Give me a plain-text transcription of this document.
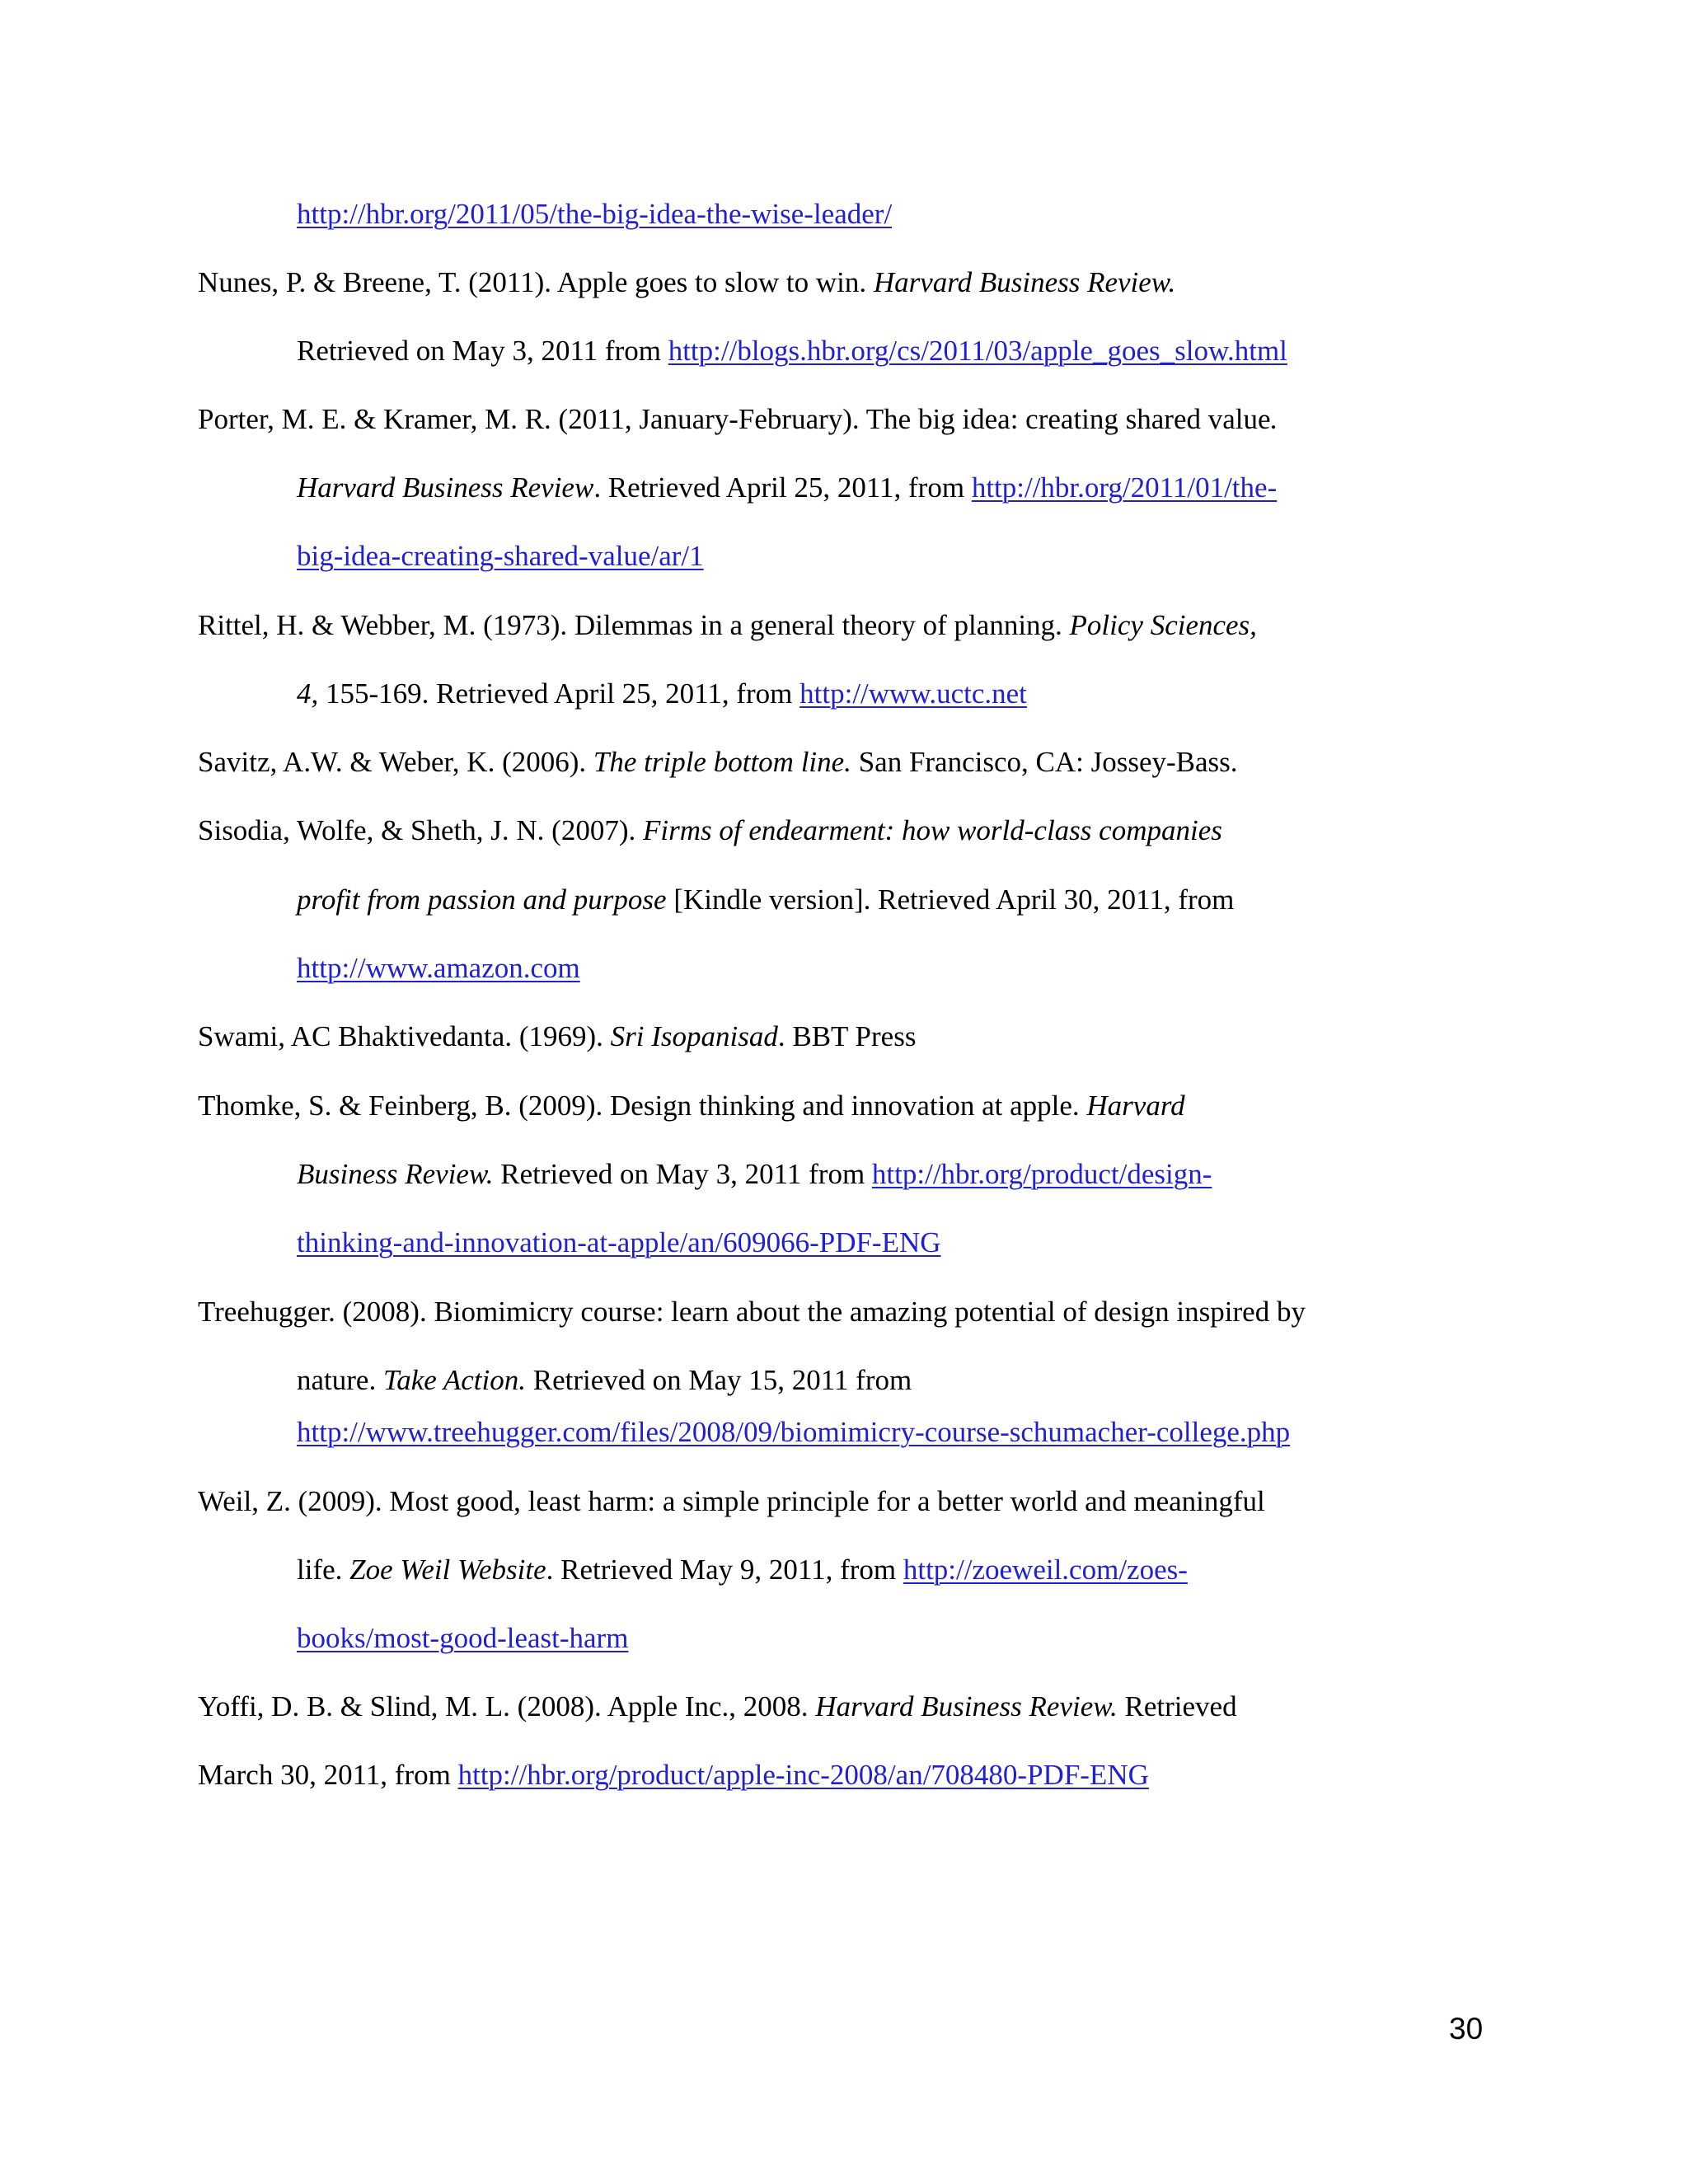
http://hbr.org/2011/05/the-big-idea-the-wise-leader/
Nunes, P. & Breene, T. (2011). Apple goes to slow to win. Harvard Business Review.
Retrieved on May 3, 2011 from http://blogs.hbr.org/cs/2011/03/apple_goes_slow.html
Porter, M. E. & Kramer, M. R. (2011, January-February). The big idea: creating shared value.
Harvard Business Review. Retrieved April 25, 2011, from http://hbr.org/2011/01/the-
big-idea-creating-shared-value/ar/1
Rittel, H. & Webber, M. (1973). Dilemmas in a general theory of planning. Policy Sciences,
4, 155-169. Retrieved April 25, 2011, from http://www.uctc.net
Savitz, A.W. & Weber, K. (2006). The triple bottom line. San Francisco, CA: Jossey-Bass.
Sisodia, Wolfe, & Sheth, J. N. (2007). Firms of endearment: how world-class companies
profit from passion and purpose [Kindle version]. Retrieved April 30, 2011, from
http://www.amazon.com
Swami, AC Bhaktivedanta. (1969). Sri Isopanisad. BBT Press
Thomke, S. & Feinberg, B. (2009). Design thinking and innovation at apple. Harvard
Business Review. Retrieved on May 3, 2011 from http://hbr.org/product/design-
thinking-and-innovation-at-apple/an/609066-PDF-ENG
Treehugger. (2008). Biomimicry course: learn about the amazing potential of design inspired by
nature. Take Action. Retrieved on May 15, 2011 from
http://www.treehugger.com/files/2008/09/biomimicry-course-schumacher-college.php
Weil, Z. (2009). Most good, least harm: a simple principle for a better world and meaningful
life. Zoe Weil Website. Retrieved May 9, 2011, from http://zoeweil.com/zoes-
books/most-good-least-harm
Yoffi, D. B. & Slind, M. L. (2008). Apple Inc., 2008. Harvard Business Review. Retrieved
March 30, 2011, from http://hbr.org/product/apple-inc-2008/an/708480-PDF-ENG
30
